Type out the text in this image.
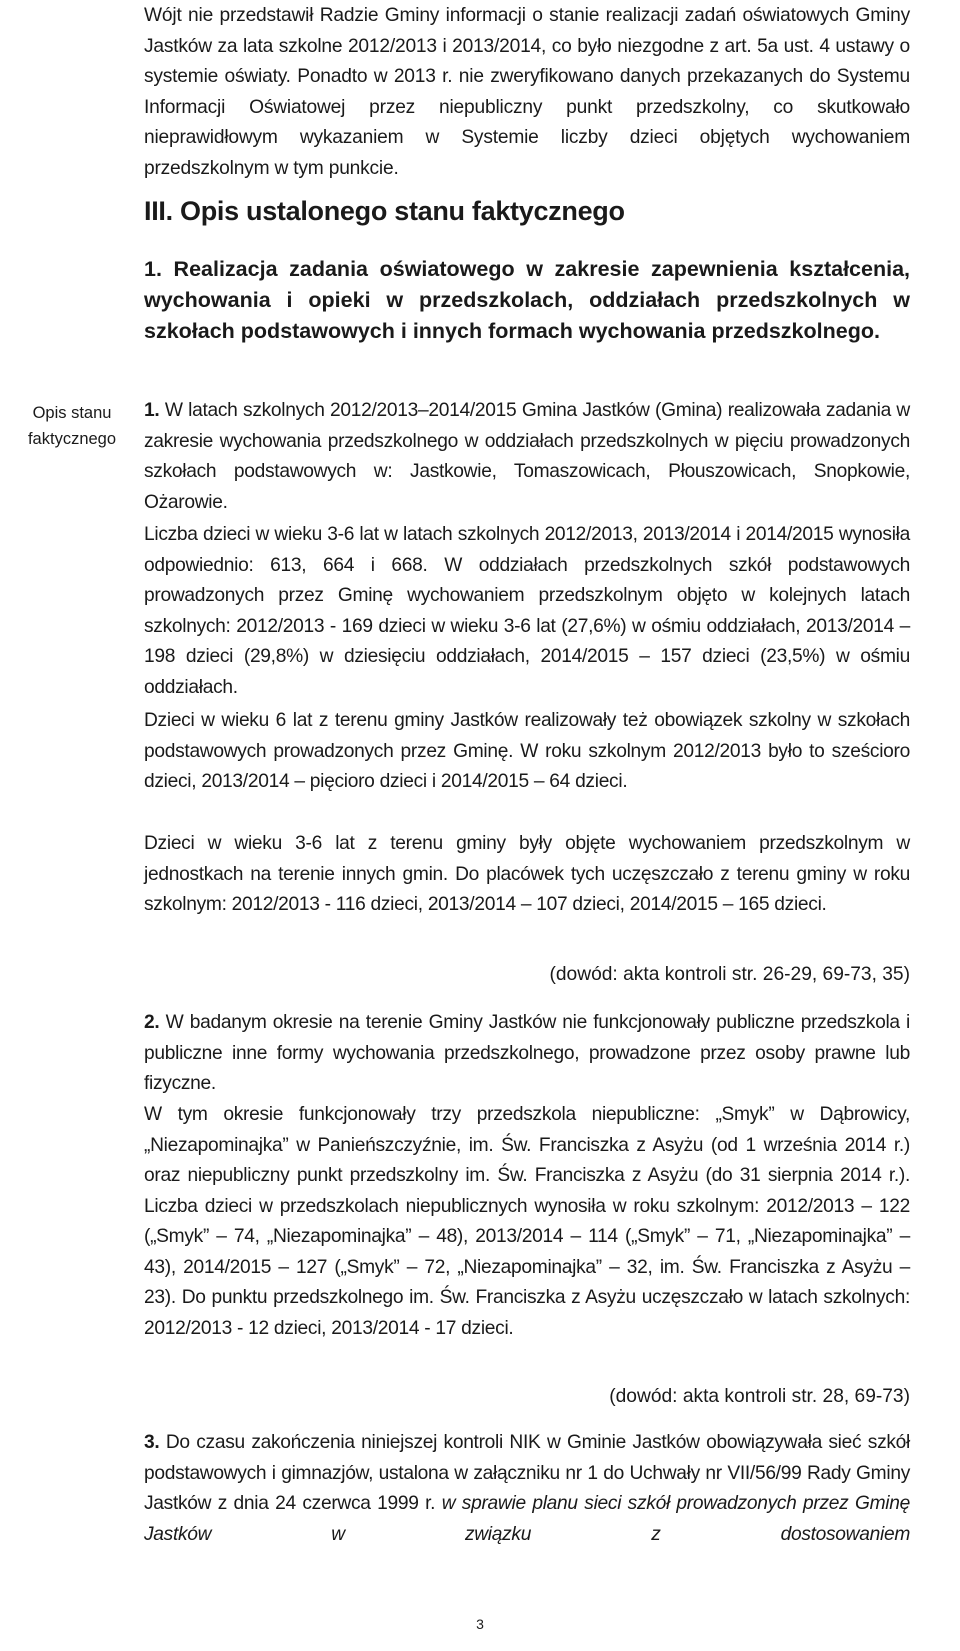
Wójt nie przedstawił Radzie Gminy informacji o stanie realizacji zadań oświatowych Gminy Jastków za lata szkolne 2012/2013 i 2013/2014, co było niezgodne z art. 5a ust. 4 ustawy o systemie oświaty. Ponadto w 2013 r. nie zweryfikowano danych przekazanych do Systemu Informacji Oświatowej przez niepubliczny punkt przedszkolny, co skutkowało nieprawidłowym wykazaniem w Systemie liczby dzieci objętych wychowaniem przedszkolnym w tym punkcie.

III. Opis ustalonego stanu faktycznego
1. Realizacja zadania oświatowego w zakresie zapewnienia kształcenia, wychowania i opieki w przedszkolach, oddziałach przedszkolnych w szkołach podstawowych i innych formach wychowania przedszkolnego.
Opis stanu faktycznego

1. W latach szkolnych 2012/2013–2014/2015 Gmina Jastków (Gmina) realizowała zadania w zakresie wychowania przedszkolnego w oddziałach przedszkolnych w pięciu prowadzonych szkołach podstawowych w: Jastkowie, Tomaszowicach, Płouszowicach, Snopkowie, Ożarowie.

Liczba dzieci w wieku 3-6 lat w latach szkolnych 2012/2013, 2013/2014 i 2014/2015 wynosiła odpowiednio: 613, 664 i 668. W oddziałach przedszkolnych szkół podstawowych prowadzonych przez Gminę wychowaniem przedszkolnym objęto w kolejnych latach szkolnych: 2012/2013 - 169 dzieci w wieku 3-6 lat (27,6%) w ośmiu oddziałach, 2013/2014 – 198 dzieci (29,8%) w dziesięciu oddziałach, 2014/2015 – 157 dzieci (23,5%) w ośmiu oddziałach.

Dzieci w wieku 6 lat z terenu gminy Jastków realizowały też obowiązek szkolny w szkołach podstawowych prowadzonych przez Gminę. W roku szkolnym 2012/2013 było to sześcioro dzieci, 2013/2014 – pięcioro dzieci i 2014/2015 – 64 dzieci.

Dzieci w wieku 3-6 lat z terenu gminy były objęte wychowaniem przedszkolnym w jednostkach na terenie innych gmin. Do placówek tych uczęszczało z terenu gminy w roku szkolnym: 2012/2013 - 116 dzieci, 2013/2014 – 107 dzieci, 2014/2015 – 165 dzieci.

(dowód: akta kontroli str. 26-29, 69-73, 35)

2. W badanym okresie na terenie Gminy Jastków nie funkcjonowały publiczne przedszkola i publiczne inne formy wychowania przedszkolnego, prowadzone przez osoby prawne lub fizyczne.

W tym okresie funkcjonowały trzy przedszkola niepubliczne: „Smyk” w Dąbrowicy, „Niezapominajka” w Panieńszczyźnie, im. Św. Franciszka z Asyżu (od 1 września 2014 r.) oraz niepubliczny punkt przedszkolny im. Św. Franciszka z Asyżu (do 31 sierpnia 2014 r.). Liczba dzieci w przedszkolach niepublicznych wynosiła w roku szkolnym: 2012/2013 – 122 („Smyk” – 74, „Niezapominajka” – 48), 2013/2014 – 114 („Smyk” – 71, „Niezapominajka” – 43), 2014/2015 – 127 („Smyk” – 72, „Niezapominajka” – 32, im. Św. Franciszka z Asyżu – 23). Do punktu przedszkolnego im. Św. Franciszka z Asyżu uczęszczało w latach szkolnych: 2012/2013 - 12 dzieci, 2013/2014 - 17 dzieci.

(dowód: akta kontroli str. 28, 69-73)

3. Do czasu zakończenia niniejszej kontroli NIK w Gminie Jastków obowiązywała sieć szkół podstawowych i gimnazjów, ustalona w załączniku nr 1 do Uchwały nr VII/56/99 Rady Gminy Jastków z dnia 24 czerwca 1999 r. w sprawie planu sieci szkół prowadzonych przez Gminę Jastków w związku z dostosowaniem

3
